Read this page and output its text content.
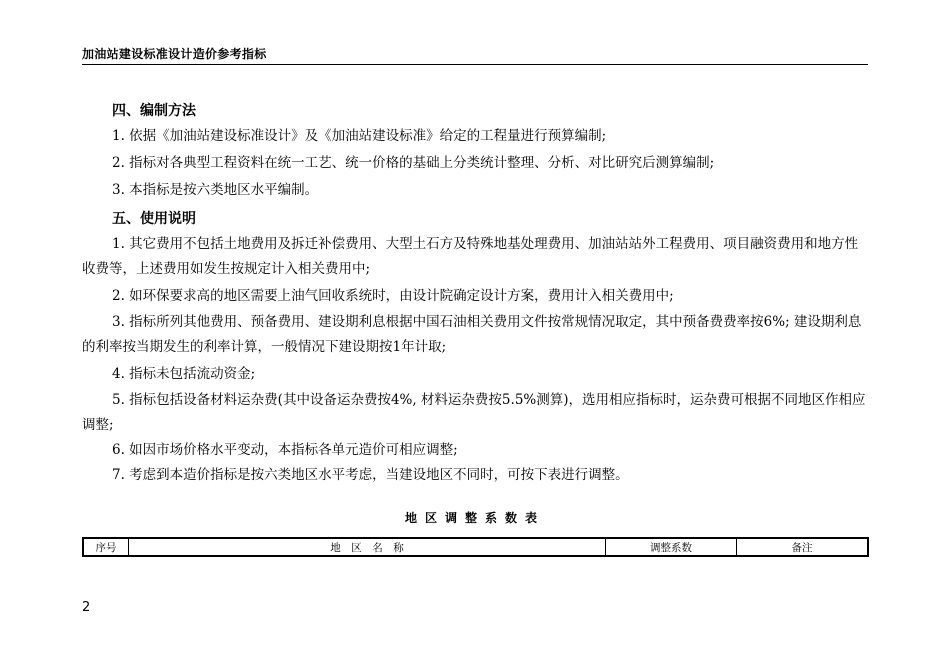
加油站建设标准设计造价参考指标
四、编制方法
1. 依据《加油站建设标准设计》及《加油站建设标准》给定的工程量进行预算编制;
2. 指标对各典型工程资料在统一工艺、统一价格的基础上分类统计整理、分析、对比研究后测算编制;
3. 本指标是按六类地区水平编制。
五、使用说明
1. 其它费用不包括土地费用及拆迁补偿费用、大型土石方及特殊地基处理费用、加油站站外工程费用、项目融资费用和地方性收费等，上述费用如发生按规定计入相关费用中;
2. 如环保要求高的地区需要上油气回收系统时，由设计院确定设计方案，费用计入相关费用中;
3. 指标所列其他费用、预备费用、建设期利息根据中国石油相关费用文件按常规情况取定，其中预备费费率按6%; 建设期利息的利率按当期发生的利率计算，一般情况下建设期按1年计取;
4. 指标未包括流动资金;
5. 指标包括设备材料运杂费(其中设备运杂费按4%, 材料运杂费按5.5%测算)，选用相应指标时，运杂费可根据不同地区作相应调整;
6. 如因市场价格水平变动，本指标各单元造价可相应调整;
7. 考虑到本造价指标是按六类地区水平考虑，当建设地区不同时，可按下表进行调整。
地区调整系数表
序号	地　区　名　称	调整系数	备注
2
